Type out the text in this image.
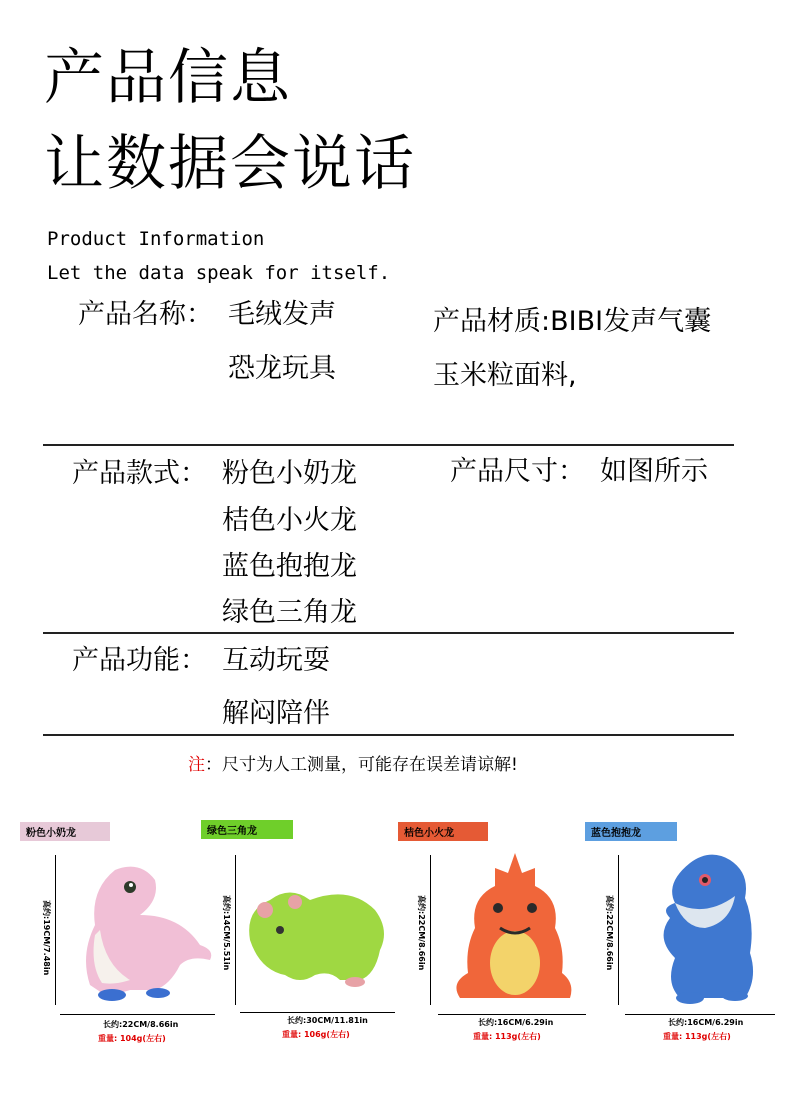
产品信息
让数据会说话
Product Information
Let the data speak for itself.
产品名称： 毛绒发声
恐龙玩具
产品材质:BIBI发声气囊
玉米粒面料,
产品款式： 粉色小奶龙
桔色小火龙
蓝色抱抱龙
绿色三角龙
产品尺寸： 如图所示
产品功能： 互动玩耍
解闷陪伴
注：尺寸为人工测量，可能存在误差请谅解!
粉色小奶龙
高约:19CM/7.48in
长约:22CM/8.66in
重量: 104g(左右)
绿色三角龙
高约:14CM/5.51in
长约:30CM/11.81in
重量: 106g(左右)
桔色小火龙
高约:22CM/8.66in
长约:16CM/6.29in
重量: 113g(左右)
蓝色抱抱龙
高约:22CM/8.66in
长约:16CM/6.29in
重量: 113g(左右)
